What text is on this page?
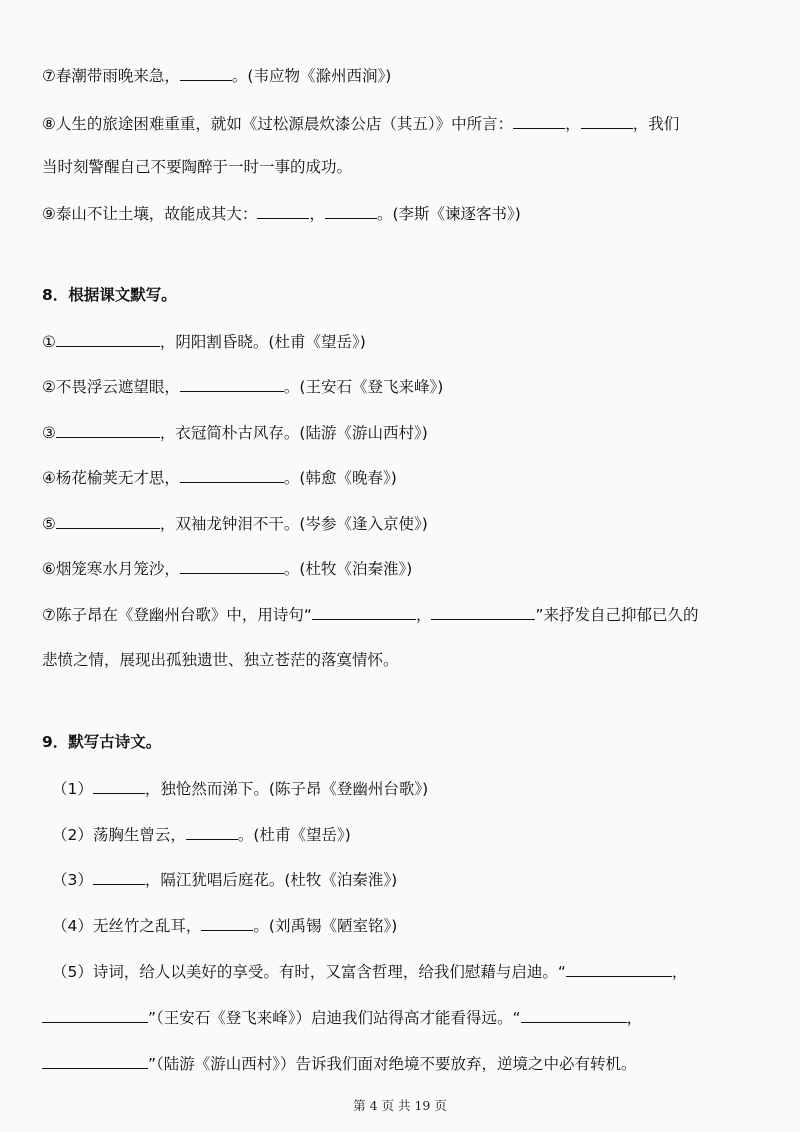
⑦春潮带雨晚来急，	。(韦应物《滁州西涧》)
⑧人生的旅途困难重重，就如《过松源晨炊漆公店（其五）》中所言：	，	，我们
当时刻警醒自己不要陶醉于一时一事的成功。
⑨泰山不让土壤，故能成其大：	，	。(李斯《谏逐客书》)
8．根据课文默写。
①	，阴阳割昏晓。(杜甫《望岳》)
②不畏浮云遮望眼，	。(王安石《登飞来峰》)
③	，衣冠简朴古风存。(陆游《游山西村》)
④杨花榆荚无才思，	。(韩愈《晚春》)
⑤	，双袖龙钟泪不干。(岑参《逢入京使》)
⑥烟笼寒水月笼沙，	。(杜牧《泊秦淮》)
⑦陈子昂在《登幽州台歌》中，用诗句“	，	”来抒发自己抑郁已久的
悲愤之情，展现出孤独遗世、独立苍茫的落寞情怀。
9．默写古诗文。
（1）	，独怆然而涕下。(陈子昂《登幽州台歌》)
（2）荡胸生曾云，	。(杜甫《望岳》)
（3）	，隔江犹唱后庭花。(杜牧《泊秦淮》)
（4）无丝竹之乱耳，	。(刘禹锡《陋室铭》)
（5）诗词，给人以美好的享受。有时，又富含哲理，给我们慰藉与启迪。“	，
”（王安石《登飞来峰》）启迪我们站得高才能看得远。“	，
”（陆游《游山西村》）告诉我们面对绝境不要放弃，逆境之中必有转机。
第 4 页 共 19 页
